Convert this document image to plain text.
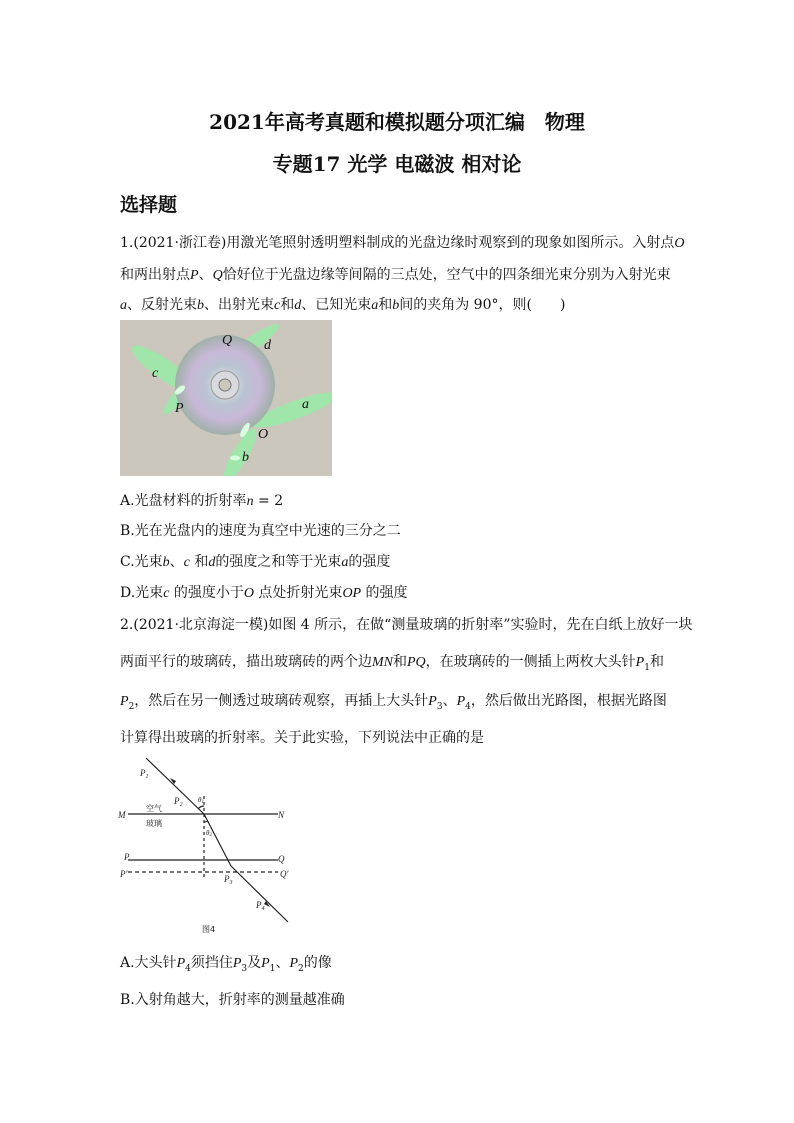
2021年高考真题和模拟题分项汇编　物理
专题17 光学 电磁波 相对论
选择题
1.(2021·浙江卷)用激光笔照射透明塑料制成的光盘边缘时观察到的现象如图所示。入射点O
和两出射点P、Q恰好位于光盘边缘等间隔的三点处，空气中的四条细光束分别为入射光束
a、反射光束b、出射光束c和d、已知光束a和b间的夹角为 90°，则(　　)
Q d
c
a
P
O
b
A.光盘材料的折射率n = 2
B.光在光盘内的速度为真空中光速的三分之二
C.光束b、c 和d的强度之和等于光束a的强度
D.光束c 的强度小于O 点处折射光束OP 的强度
2.(2021·北京海淀一模)如图 4 所示，在做“测量玻璃的折射率”实验时，先在白纸上放好一块
两面平行的玻璃砖，描出玻璃砖的两个边MN和PQ，在玻璃砖的一侧插上两枚大头针$P_1$和
$P_2$，然后在另一侧透过玻璃砖观察，再插上大头针$P_3$、$P_4$，然后做出光路图，根据光路图
计算得出玻璃的折射率。关于此实验，下列说法中正确的是
$P_1$
$P_2$
$P_3$
$P_4$
M	N
P	Q
P′	Q′
θ1
θ2
空气
玻璃
图4
A.大头针$P_4$须挡住$P_3$及$P_1$、$P_2$的像
B.入射角越大，折射率的测量越准确
